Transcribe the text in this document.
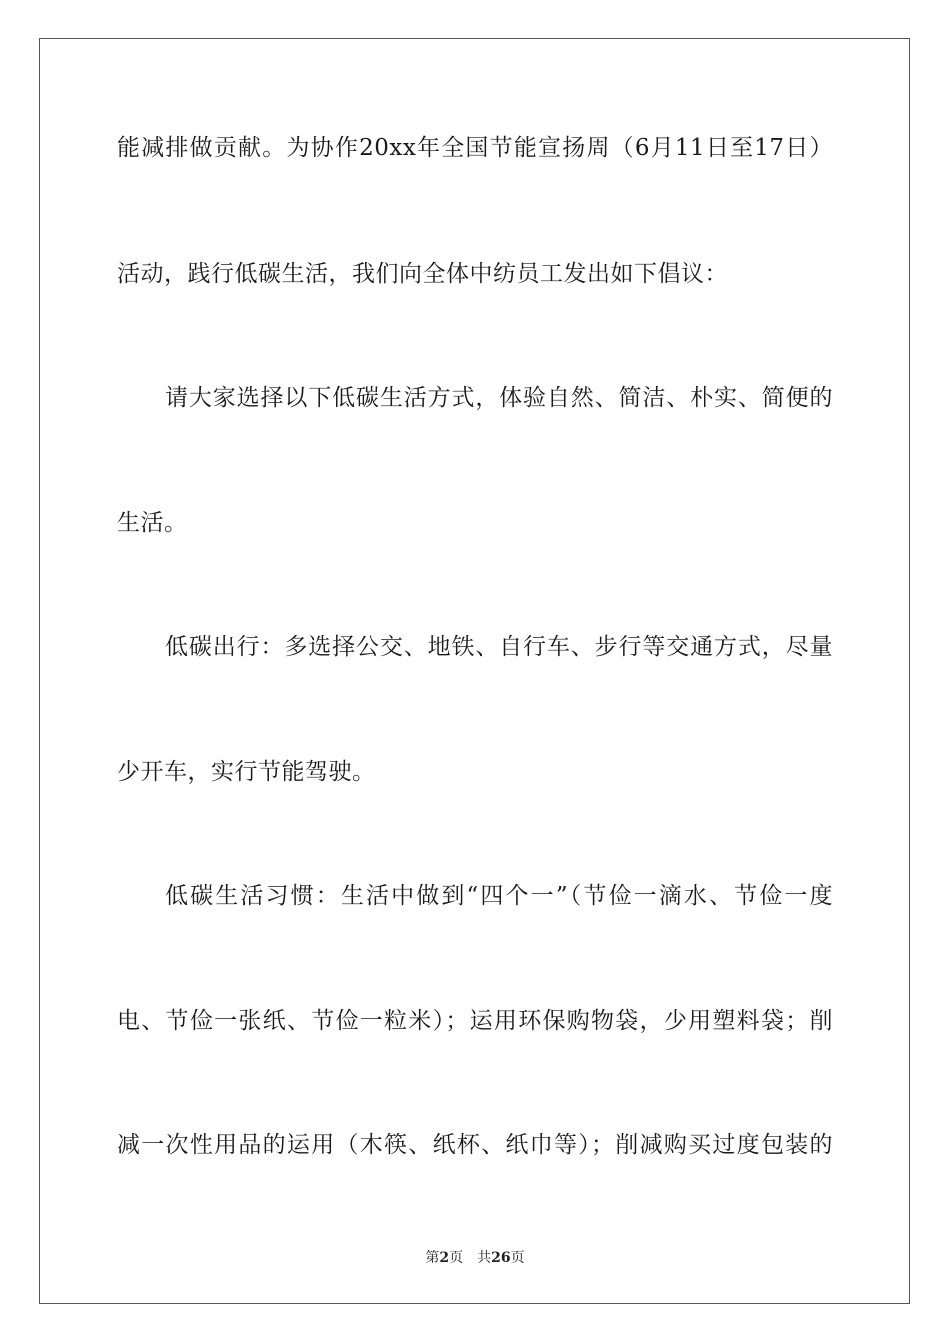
能减排做贡献。为协作20xx年全国节能宣扬周（6月11日至17日）
活动，践行低碳生活，我们向全体中纺员工发出如下倡议：
请大家选择以下低碳生活方式，体验自然、简洁、朴实、简便的
生活。
低碳出行：多选择公交、地铁、自行车、步行等交通方式，尽量
少开车，实行节能驾驶。
低碳生活习惯：生活中做到“四个一”（节俭一滴水、节俭一度
电、节俭一张纸、节俭一粒米）；运用环保购物袋，少用塑料袋；削
减一次性用品的运用（木筷、纸杯、纸巾等）；削减购买过度包装的
第2页 共26页
